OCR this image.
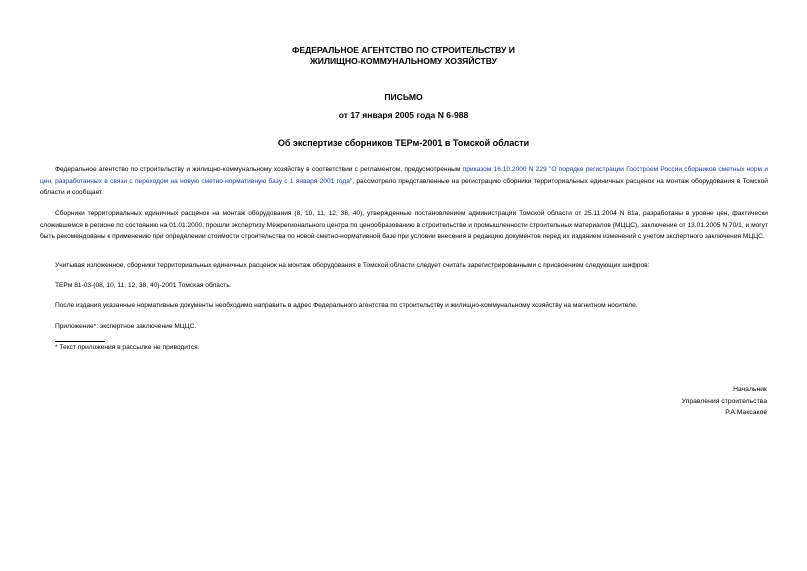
ФЕДЕРАЛЬНОЕ АГЕНТСТВО ПО СТРОИТЕЛЬСТВУ И
ЖИЛИЩНО-КОММУНАЛЬНОМУ ХОЗЯЙСТВУ
ПИСЬМО
от 17 января 2005 года N 6-988
Об экспертизе сборников ТЕРм-2001 в Томской области
Федеральное агентство по строительству и жилищно-коммунальному хозяйству в соответствии с регламентом, предусмотренным приказом 16.10.2000 N 229 "О порядке регистрации Госстроем России сборников сметных норм и цен, разработанных в связи с переходом на новую сметно-нормативную базу с 1 января 2001 года", рассмотрело представленные на регистрацию сборники территориальных единичных расценок на монтаж оборудования в Томской области и сообщает.
Сборники территориальных единичных расценок на монтаж оборудования (8, 10, 11, 12, 38, 40), утвержденные постановлением администрации Томской области от 25.11.2004 N 81а, разработаны в уровне цен, фактически сложившемся в регионе по состоянию на 01.01.2000, прошли экспертизу Межрегионального центра по ценообразованию в строительстве и промышленности строительных материалов (МЦЦС), заключение от 13.01.2005 N 70/1, и могут быть рекомендованы к применению при определении стоимости строительства по новой сметно-нормативной базе при условии внесения в редакцию документов перед их изданием изменений с учетом экспертного заключения МЦЦС.
Учитывая изложенное, сборники территориальных единичных расценок на монтаж оборудования в Томской области следует считать зарегистрированными с присвоением следующих шифров:
ТЕРм 81-03-(08, 10, 11, 12, 38, 40)-2001 Томская область.
После издания указанные нормативные документы необходимо направить в адрес Федерального агентства по строительству и жилищно-коммунальному хозяйству на магнитном носителе.
Приложение*: экспертное заключение МЦЦС.
* Текст приложения в рассылке не приводится.
Начальник
Управления строительства
Р.А.Максаков
